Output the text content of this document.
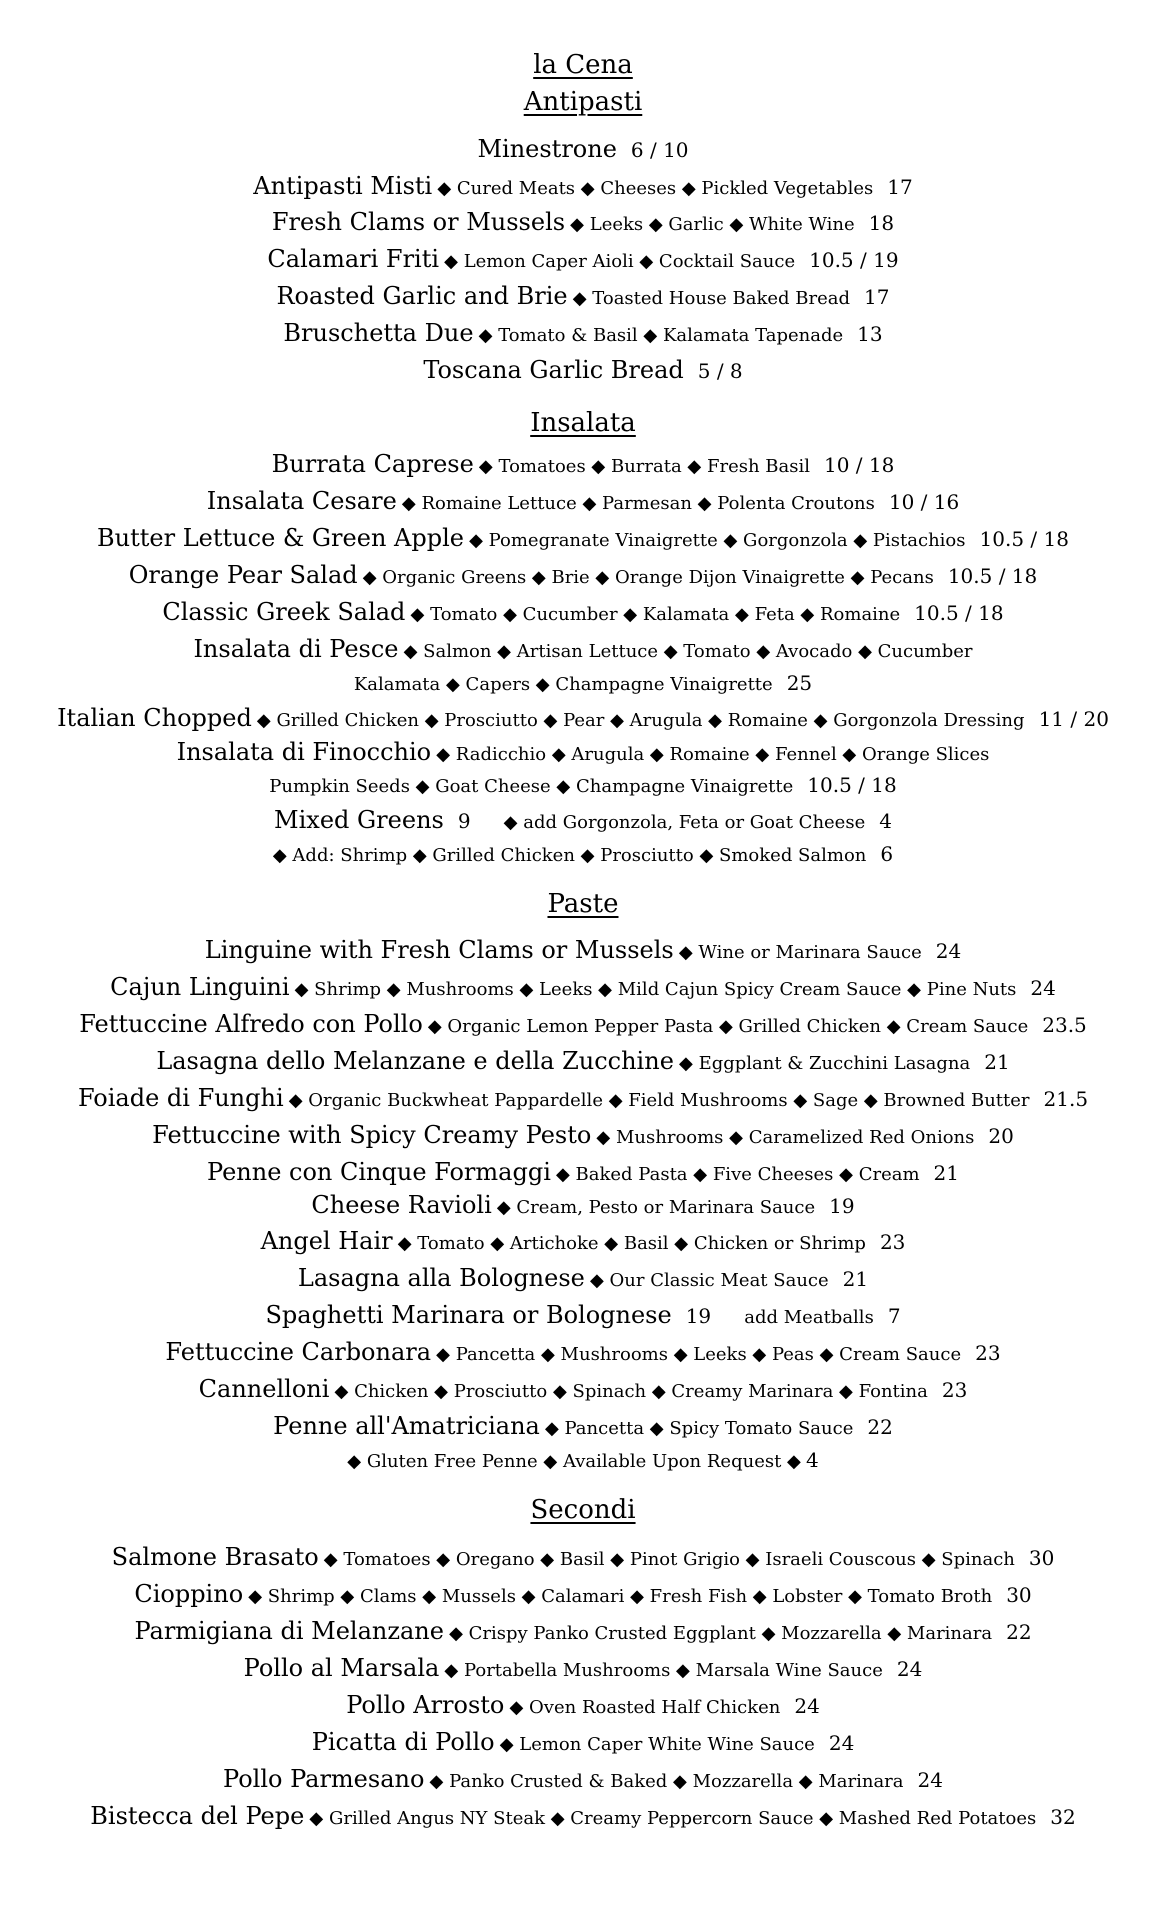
la Cena
Antipasti
Minestrone 6 / 10
Antipasti Misti ◆ Cured Meats ◆ Cheeses ◆ Pickled Vegetables 17
Fresh Clams or Mussels ◆ Leeks ◆ Garlic ◆ White Wine 18
Calamari Friti ◆ Lemon Caper Aioli ◆ Cocktail Sauce 10.5 / 19
Roasted Garlic and Brie ◆ Toasted House Baked Bread 17
Bruschetta Due ◆ Tomato & Basil ◆ Kalamata Tapenade 13
Toscana Garlic Bread 5 / 8
Insalata
Burrata Caprese ◆ Tomatoes ◆ Burrata ◆ Fresh Basil 10 / 18
Insalata Cesare ◆ Romaine Lettuce ◆ Parmesan ◆ Polenta Croutons 10 / 16
Butter Lettuce & Green Apple ◆ Pomegranate Vinaigrette ◆ Gorgonzola ◆ Pistachios 10.5 / 18
Orange Pear Salad ◆ Organic Greens ◆ Brie ◆ Orange Dijon Vinaigrette ◆ Pecans 10.5 / 18
Classic Greek Salad ◆ Tomato ◆ Cucumber ◆ Kalamata ◆ Feta ◆ Romaine 10.5 / 18
Insalata di Pesce ◆ Salmon ◆ Artisan Lettuce ◆ Tomato ◆ Avocado ◆ Cucumber
Kalamata ◆ Capers ◆ Champagne Vinaigrette 25
Italian Chopped ◆ Grilled Chicken ◆ Prosciutto ◆ Pear ◆ Arugula ◆ Romaine ◆ Gorgonzola Dressing 11 / 20
Insalata di Finocchio ◆ Radicchio ◆ Arugula ◆ Romaine ◆ Fennel ◆ Orange Slices
Pumpkin Seeds ◆ Goat Cheese ◆ Champagne Vinaigrette 10.5 / 18
Mixed Greens 9 ◆ add Gorgonzola, Feta or Goat Cheese 4
◆ Add: Shrimp ◆ Grilled Chicken ◆ Prosciutto ◆ Smoked Salmon 6
Paste
Linguine with Fresh Clams or Mussels ◆ Wine or Marinara Sauce 24
Cajun Linguini ◆ Shrimp ◆ Mushrooms ◆ Leeks ◆ Mild Cajun Spicy Cream Sauce ◆ Pine Nuts 24
Fettuccine Alfredo con Pollo ◆ Organic Lemon Pepper Pasta ◆ Grilled Chicken ◆ Cream Sauce 23.5
Lasagna dello Melanzane e della Zucchine ◆ Eggplant & Zucchini Lasagna 21
Foiade di Funghi ◆ Organic Buckwheat Pappardelle ◆ Field Mushrooms ◆ Sage ◆ Browned Butter 21.5
Fettuccine with Spicy Creamy Pesto ◆ Mushrooms ◆ Caramelized Red Onions 20
Penne con Cinque Formaggi ◆ Baked Pasta ◆ Five Cheeses ◆ Cream 21
Cheese Ravioli ◆ Cream, Pesto or Marinara Sauce 19
Angel Hair ◆ Tomato ◆ Artichoke ◆ Basil ◆ Chicken or Shrimp 23
Lasagna alla Bolognese ◆ Our Classic Meat Sauce 21
Spaghetti Marinara or Bolognese 19 add Meatballs 7
Fettuccine Carbonara ◆ Pancetta ◆ Mushrooms ◆ Leeks ◆ Peas ◆ Cream Sauce 23
Cannelloni ◆ Chicken ◆ Prosciutto ◆ Spinach ◆ Creamy Marinara ◆ Fontina 23
Penne all'Amatriciana ◆ Pancetta ◆ Spicy Tomato Sauce 22
◆ Gluten Free Penne ◆ Available Upon Request ◆ 4
Secondi
Salmone Brasato ◆ Tomatoes ◆ Oregano ◆ Basil ◆ Pinot Grigio ◆ Israeli Couscous ◆ Spinach 30
Cioppino ◆ Shrimp ◆ Clams ◆ Mussels ◆ Calamari ◆ Fresh Fish ◆ Lobster ◆ Tomato Broth 30
Parmigiana di Melanzane ◆ Crispy Panko Crusted Eggplant ◆ Mozzarella ◆ Marinara 22
Pollo al Marsala ◆ Portabella Mushrooms ◆ Marsala Wine Sauce 24
Pollo Arrosto ◆ Oven Roasted Half Chicken 24
Picatta di Pollo ◆ Lemon Caper White Wine Sauce 24
Pollo Parmesano ◆ Panko Crusted & Baked ◆ Mozzarella ◆ Marinara 24
Bistecca del Pepe ◆ Grilled Angus NY Steak ◆ Creamy Peppercorn Sauce ◆ Mashed Red Potatoes 32
